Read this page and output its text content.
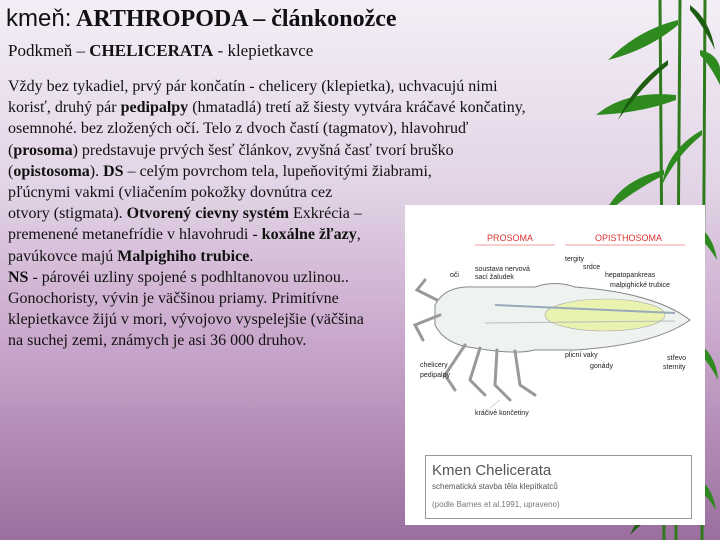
kmeň: ARTHROPODA – článkonožce
Podkmeň – CHELICERATA - klepietkavce
Vždy bez tykadiel, prvý pár končatín - chelicery (klepietka), uchvacujú nimi
korisť, druhý pár pedipalpy (hmatadlá) tretí až šiesty vytvára kráčavé končatiny,
osemnohé. bez zložených očí. Telo z dvoch častí (tagmatov), hlavohruď
(prosoma) predstavuje prvých šesť článkov, zvyšná časť tvorí bruško
(opistosoma). DS – celým povrchom tela, lupeňovitými žiabrami,
pľúcnymi vakmi (vliačením pokožky dovnútra cez
otvory (stigmata). Otvorený cievny systém Exkrécia –
premenené metanefrídie v hlavohrudi - koxálne žľazy,
pavúkovce majú Malpighiho trubice.
NS - párovéi uzliny spojené s podhltanovou uzlinou..
Gonochoristy, vývin je väčšinou priamy. Primitívne
klepietkavce žijú v mori, vývojovo vyspelejšie (väčšina
na suchej zemi, známych je asi 36 000 druhov.
PROSOMA	OPISTHOSOMA
oči
soustava nervová
sací žaludek
tergity
srdce
hepatopankreas
malpighické trubice
chelicery
pedipalpy
plicní vaky
gonády
střevo
sternity
kráčivé končetiny
Kmen Chelicerata
schematická stavba těla klepítkatců
(podle Barnes et al.1991, upraveno)
